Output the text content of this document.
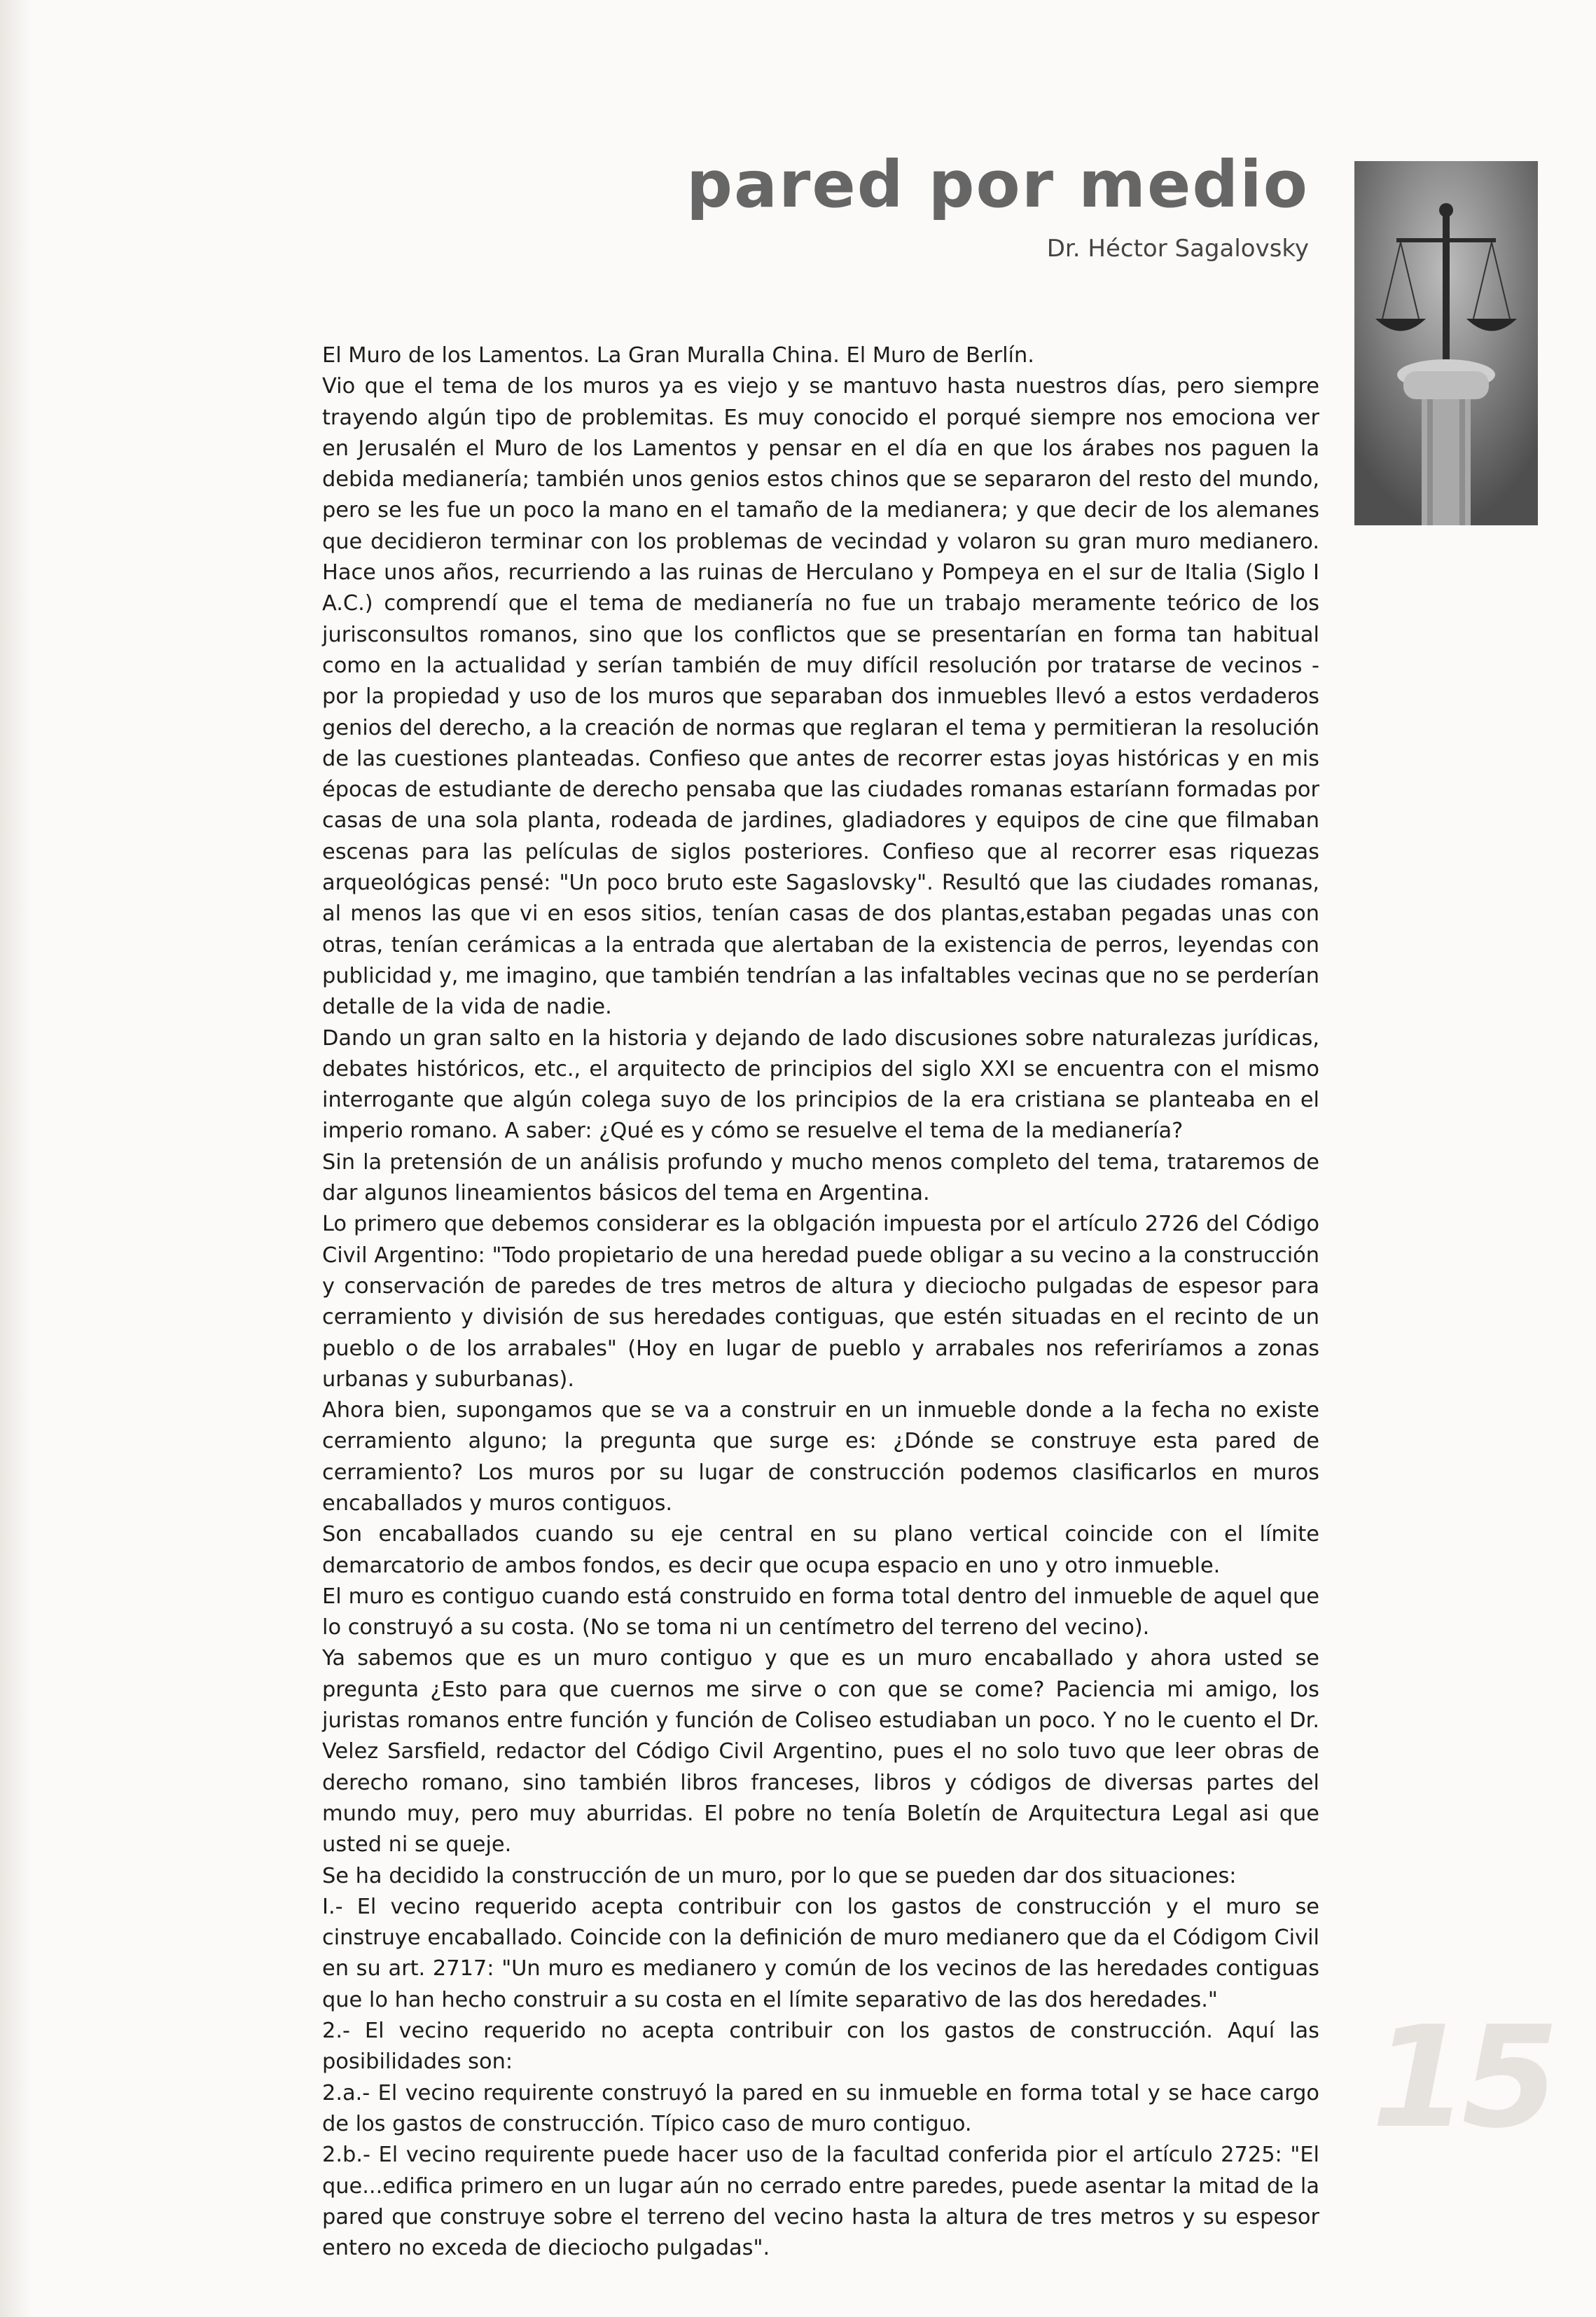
pared por medio

Dr. Héctor Sagalovsky

El Muro de los Lamentos. La Gran Muralla China. El Muro de Berlín.

Vio que el tema de los muros ya es viejo y se mantuvo hasta nuestros días, pero siempre trayendo algún tipo de problemitas. Es muy conocido el porqué siempre nos emociona ver en Jerusalén el Muro de los Lamentos y pensar en el día en que los árabes nos paguen la debida medianería; también unos genios estos chinos que se separaron del resto del mundo, pero se les fue un poco la mano en el tamaño de la medianera; y que decir de los alemanes que decidieron terminar con los problemas de vecindad y volaron su gran muro medianero. Hace unos años, recurriendo a las ruinas de Herculano y Pompeya en el sur de Italia (Siglo I A.C.) comprendí que el tema de medianería no fue un trabajo meramente teórico de los jurisconsultos romanos, sino que los conflictos que se presentarían en forma tan habitual como en la actualidad y serían también de muy difícil resolución por tratarse de vecinos - por la propiedad y uso de los muros que separaban dos inmuebles llevó a estos verdaderos genios del derecho, a la creación de normas que reglaran el tema y permitieran la resolución de las cuestiones planteadas. Confieso que antes de recorrer estas joyas históricas y en mis épocas de estudiante de derecho pensaba que las ciudades romanas estaríann formadas por casas de una sola planta, rodeada de jardines, gladiadores y equipos de cine que filmaban escenas para las películas de siglos posteriores. Confieso que al recorrer esas riquezas arqueológicas pensé: "Un poco bruto este Sagaslovsky". Resultó que las ciudades romanas, al menos las que vi en esos sitios, tenían casas de dos plantas,estaban pegadas unas con otras, tenían cerámicas a la entrada que alertaban de la existencia de perros, leyendas con publicidad y, me imagino, que también tendrían a las infaltables vecinas que no se perderían detalle de la vida de nadie.

Dando un gran salto en la historia y dejando de lado discusiones sobre naturalezas jurídicas, debates históricos, etc., el arquitecto de principios del siglo XXI se encuentra con el mismo interrogante que algún colega suyo de los principios de la era cristiana se planteaba en el imperio romano. A saber: ¿Qué es y cómo se resuelve el tema de la medianería?

Sin la pretensión de un análisis profundo y mucho menos completo del tema, trataremos de dar algunos lineamientos básicos del tema en Argentina.

Lo primero que debemos considerar es la oblgación impuesta por el artículo 2726 del Código Civil Argentino: "Todo propietario de una heredad puede obligar a su vecino a la construcción y conservación de paredes de tres metros de altura y dieciocho pulgadas de espesor para cerramiento y división de sus heredades contiguas, que estén situadas en el recinto de un pueblo o de los arrabales" (Hoy en lugar de pueblo y arrabales nos referiríamos a zonas urbanas y suburbanas).

Ahora bien, supongamos que se va a construir en un inmueble donde a la fecha no existe cerramiento alguno; la pregunta que surge es: ¿Dónde se construye esta pared de cerramiento? Los muros por su lugar de construcción podemos clasificarlos en muros encaballados y muros contiguos.

Son encaballados cuando su eje central en su plano vertical coincide con el límite demarcatorio de ambos fondos, es decir que ocupa espacio en uno y otro inmueble.

El muro es contiguo cuando está construido en forma total dentro del inmueble de aquel que lo construyó a su costa. (No se toma ni un centímetro del terreno del vecino).

Ya sabemos que es un muro contiguo y que es un muro encaballado y ahora usted se pregunta ¿Esto para que cuernos me sirve o con que se come? Paciencia mi amigo, los juristas romanos entre función y función de Coliseo estudiaban un poco. Y no le cuento el Dr. Velez Sarsfield, redactor del Código Civil Argentino, pues el no solo tuvo que leer obras de derecho romano, sino también libros franceses, libros y códigos de diversas partes del mundo muy, pero muy aburridas. El pobre no tenía Boletín de Arquitectura Legal asi que usted ni se queje.

Se ha decidido la construcción de un muro, por lo que se pueden dar dos situaciones:

I.- El vecino requerido acepta contribuir con los gastos de construcción y el muro se cinstruye encaballado. Coincide con la definición de muro medianero que da el Códigom Civil en su art. 2717: "Un muro es medianero y común de los vecinos de las heredades contiguas que lo han hecho construir a su costa en el límite separativo de las dos heredades."

2.- El vecino requerido no acepta contribuir con los gastos de construcción. Aquí las posibilidades son:

2.a.- El vecino requirente construyó la pared en su inmueble en forma total y se hace cargo de los gastos de construcción. Típico caso de muro contiguo.

2.b.- El vecino requirente puede hacer uso de la facultad conferida pior el artículo 2725: "El que...edifica primero en un lugar aún no cerrado entre paredes, puede asentar la mitad de la pared que construye sobre el terreno del vecino hasta la altura de tres metros y su espesor entero no exceda de dieciocho pulgadas".

15
